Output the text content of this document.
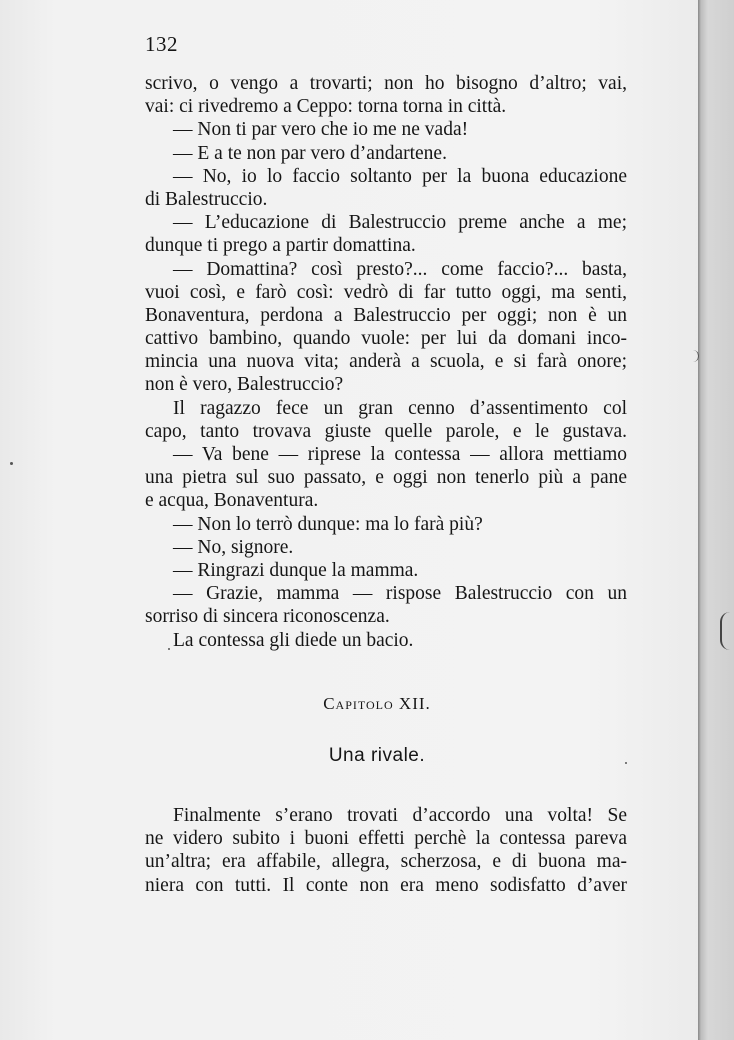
132
scrivo, o vengo a trovarti; non ho bisogno d’altro; vai,
vai: ci rivedremo a Ceppo: torna torna in città.
— Non ti par vero che io me ne vada!
— E a te non par vero d’andartene.
— No, io lo faccio soltanto per la buona educazione
di Balestruccio.
— L’educazione di Balestruccio preme anche a me;
dunque ti prego a partir domattina.
— Domattina? così presto?... come faccio?... basta,
vuoi così, e farò così: vedrò di far tutto oggi, ma senti,
Bonaventura, perdona a Balestruccio per oggi; non è un
cattivo bambino, quando vuole: per lui da domani inco-
mincia una nuova vita; anderà a scuola, e si farà onore;
non è vero, Balestruccio?
Il ragazzo fece un gran cenno d’assentimento col
capo, tanto trovava giuste quelle parole, e le gustava.
— Va bene — riprese la contessa — allora mettiamo
una pietra sul suo passato, e oggi non tenerlo più a pane
e acqua, Bonaventura.
— Non lo terrò dunque: ma lo farà più?
— No, signore.
— Ringrazi dunque la mamma.
— Grazie, mamma — rispose Balestruccio con un
sorriso di sincera riconoscenza.
La contessa gli diede un bacio.
Capitolo XII.
Una rivale.
Finalmente s’erano trovati d’accordo una volta! Se
ne videro subito i buoni effetti perchè la contessa pareva
un’altra; era affabile, allegra, scherzosa, e di buona ma-
niera con tutti. Il conte non era meno sodisfatto d’aver
